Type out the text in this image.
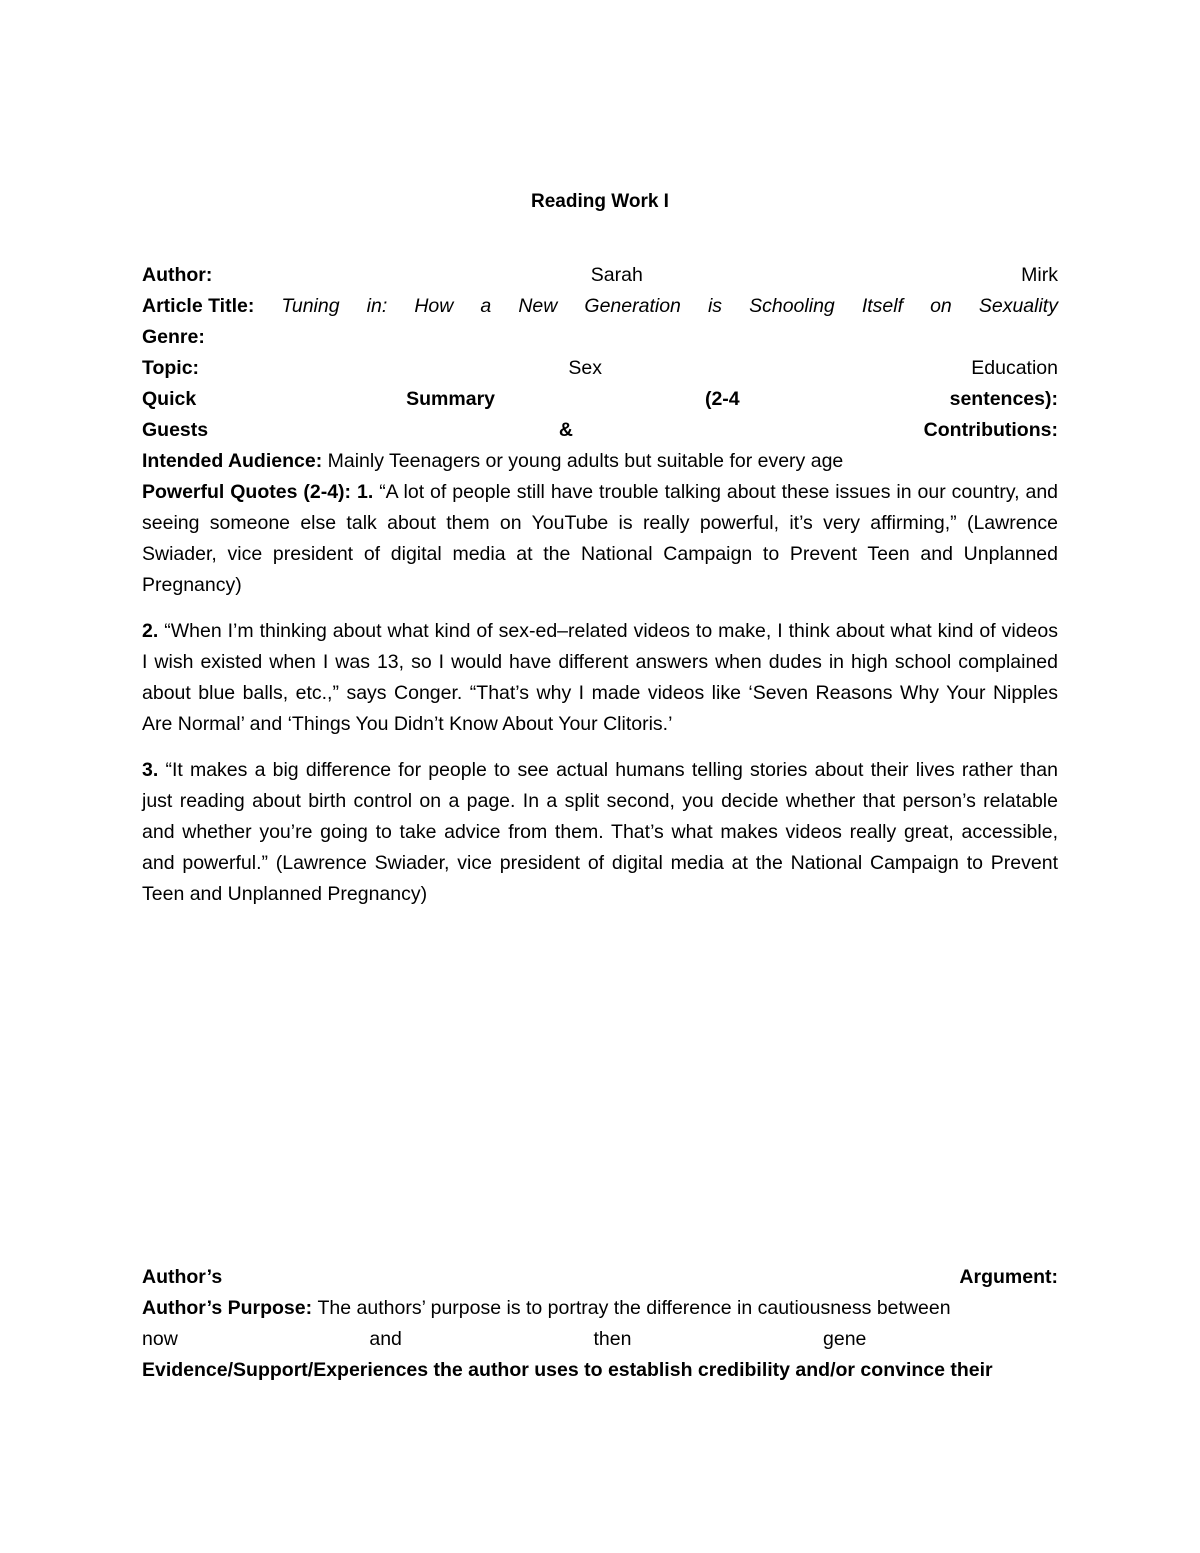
Reading Work I
Author:	Sarah	Mirk
Article Title: Tuning in: How a New Generation is Schooling Itself on Sexuality
Genre:
Topic:	Sex	Education
Quick	Summary	(2-4	sentences):
Guests	&	Contributions:

Intended Audience: Mainly Teenagers or young adults but suitable for every age

Powerful Quotes (2-4): 1. “A lot of people still have trouble talking about these issues in our country, and seeing someone else talk about them on YouTube is really powerful, it’s very affirming,” (Lawrence Swiader, vice president of digital media at the National Campaign to Prevent Teen and Unplanned Pregnancy)

2. “When I’m thinking about what kind of sex-ed–related videos to make, I think about what kind of videos I wish existed when I was 13, so I would have different answers when dudes in high school complained about blue balls, etc.,” says Conger. “That’s why I made videos like ‘Seven Reasons Why Your Nipples Are Normal’ and ‘Things You Didn’t Know About Your Clitoris.’

3. “It makes a big difference for people to see actual humans telling stories about their lives rather than just reading about birth control on a page. In a split second, you decide whether that person’s relatable and whether you’re going to take advice from them. That’s what makes videos really great, accessible, and powerful.” (Lawrence Swiader, vice president of digital media at the National Campaign to Prevent Teen and Unplanned Pregnancy)

Author’s	Argument:
Author’s Purpose: The authors’ purpose is to portray the difference in cautiousness between
now	and	then	gene
Evidence/Support/Experiences the author uses to establish credibility and/or convince their
